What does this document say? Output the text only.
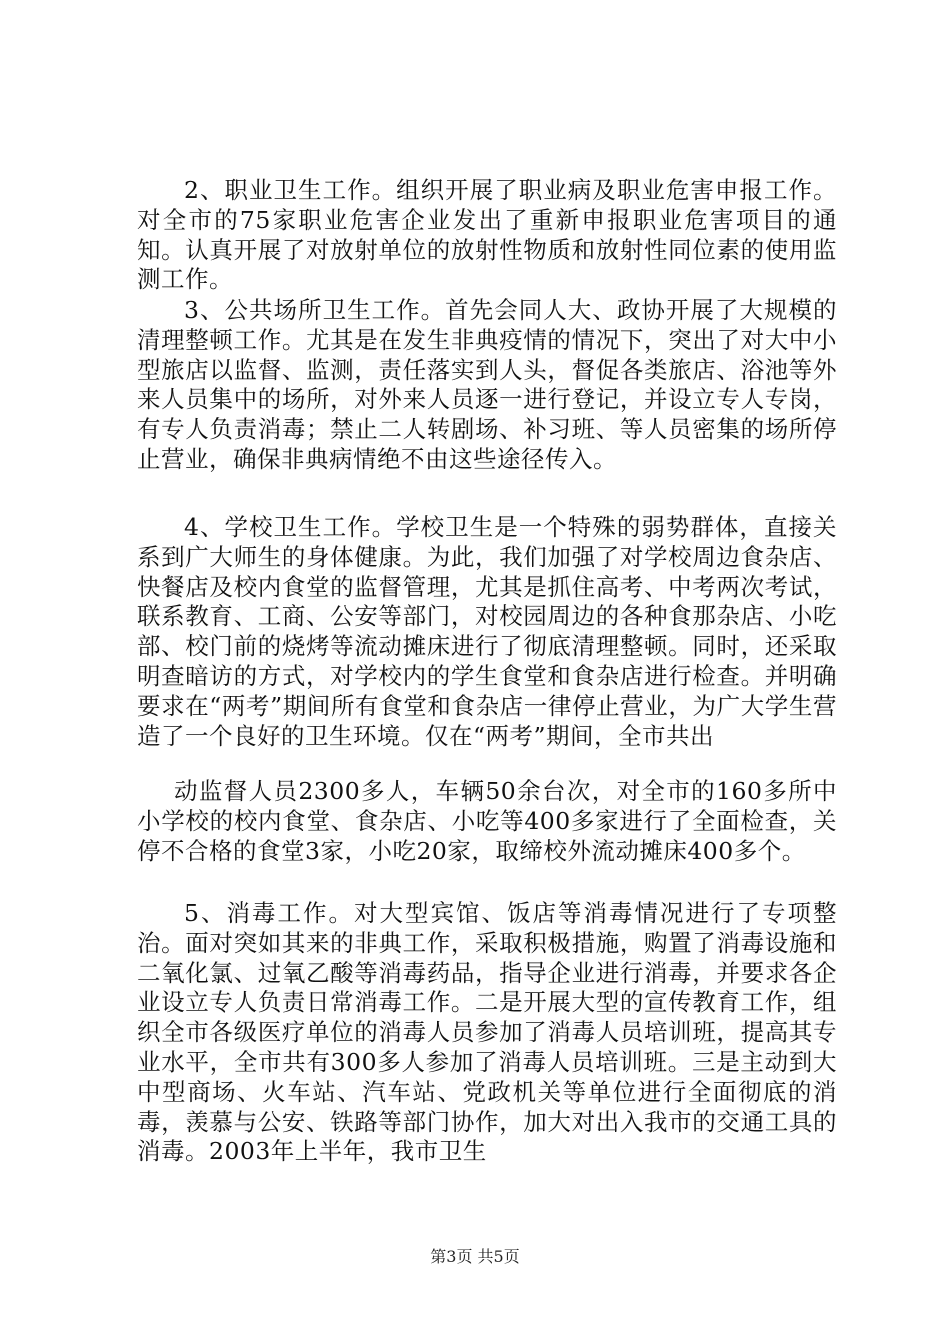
2、职业卫生工作。组织开展了职业病及职业危害申报工作。对全市的75家职业危害企业发出了重新申报职业危害项目的通知。认真开展了对放射单位的放射性物质和放射性同位素的使用监测工作。

3、公共场所卫生工作。首先会同人大、政协开展了大规模的清理整顿工作。尤其是在发生非典疫情的情况下，突出了对大中小型旅店以监督、监测，责任落实到人头，督促各类旅店、浴池等外来人员集中的场所，对外来人员逐一进行登记，并设立专人专岗，有专人负责消毒；禁止二人转剧场、补习班、等人员密集的场所停止营业，确保非典病情绝不由这些途径传入。

4、学校卫生工作。学校卫生是一个特殊的弱势群体，直接关系到广大师生的身体健康。为此，我们加强了对学校周边食杂店、快餐店及校内食堂的监督管理，尤其是抓住高考、中考两次考试，联系教育、工商、公安等部门，对校园周边的各种食那杂店、小吃部、校门前的烧烤等流动摊床进行了彻底清理整顿。同时，还采取明查暗访的方式，对学校内的学生食堂和食杂店进行检查。并明确要求在“两考”期间所有食堂和食杂店一律停止营业，为广大学生营造了一个良好的卫生环境。仅在“两考”期间，全市共出

动监督人员2300多人，车辆50余台次，对全市的160多所中小学校的校内食堂、食杂店、小吃等400多家进行了全面检查，关停不合格的食堂3家，小吃20家，取缔校外流动摊床400多个。

5、消毒工作。对大型宾馆、饭店等消毒情况进行了专项整治。面对突如其来的非典工作，采取积极措施，购置了消毒设施和二氧化氯、过氧乙酸等消毒药品，指导企业进行消毒，并要求各企业设立专人负责日常消毒工作。二是开展大型的宣传教育工作，组织全市各级医疗单位的消毒人员参加了消毒人员培训班，提高其专业水平，全市共有300多人参加了消毒人员培训班。三是主动到大中型商场、火车站、汽车站、党政机关等单位进行全面彻底的消毒，羡慕与公安、铁路等部门协作，加大对出入我市的交通工具的消毒。2003年上半年，我市卫生

第3页 共5页
